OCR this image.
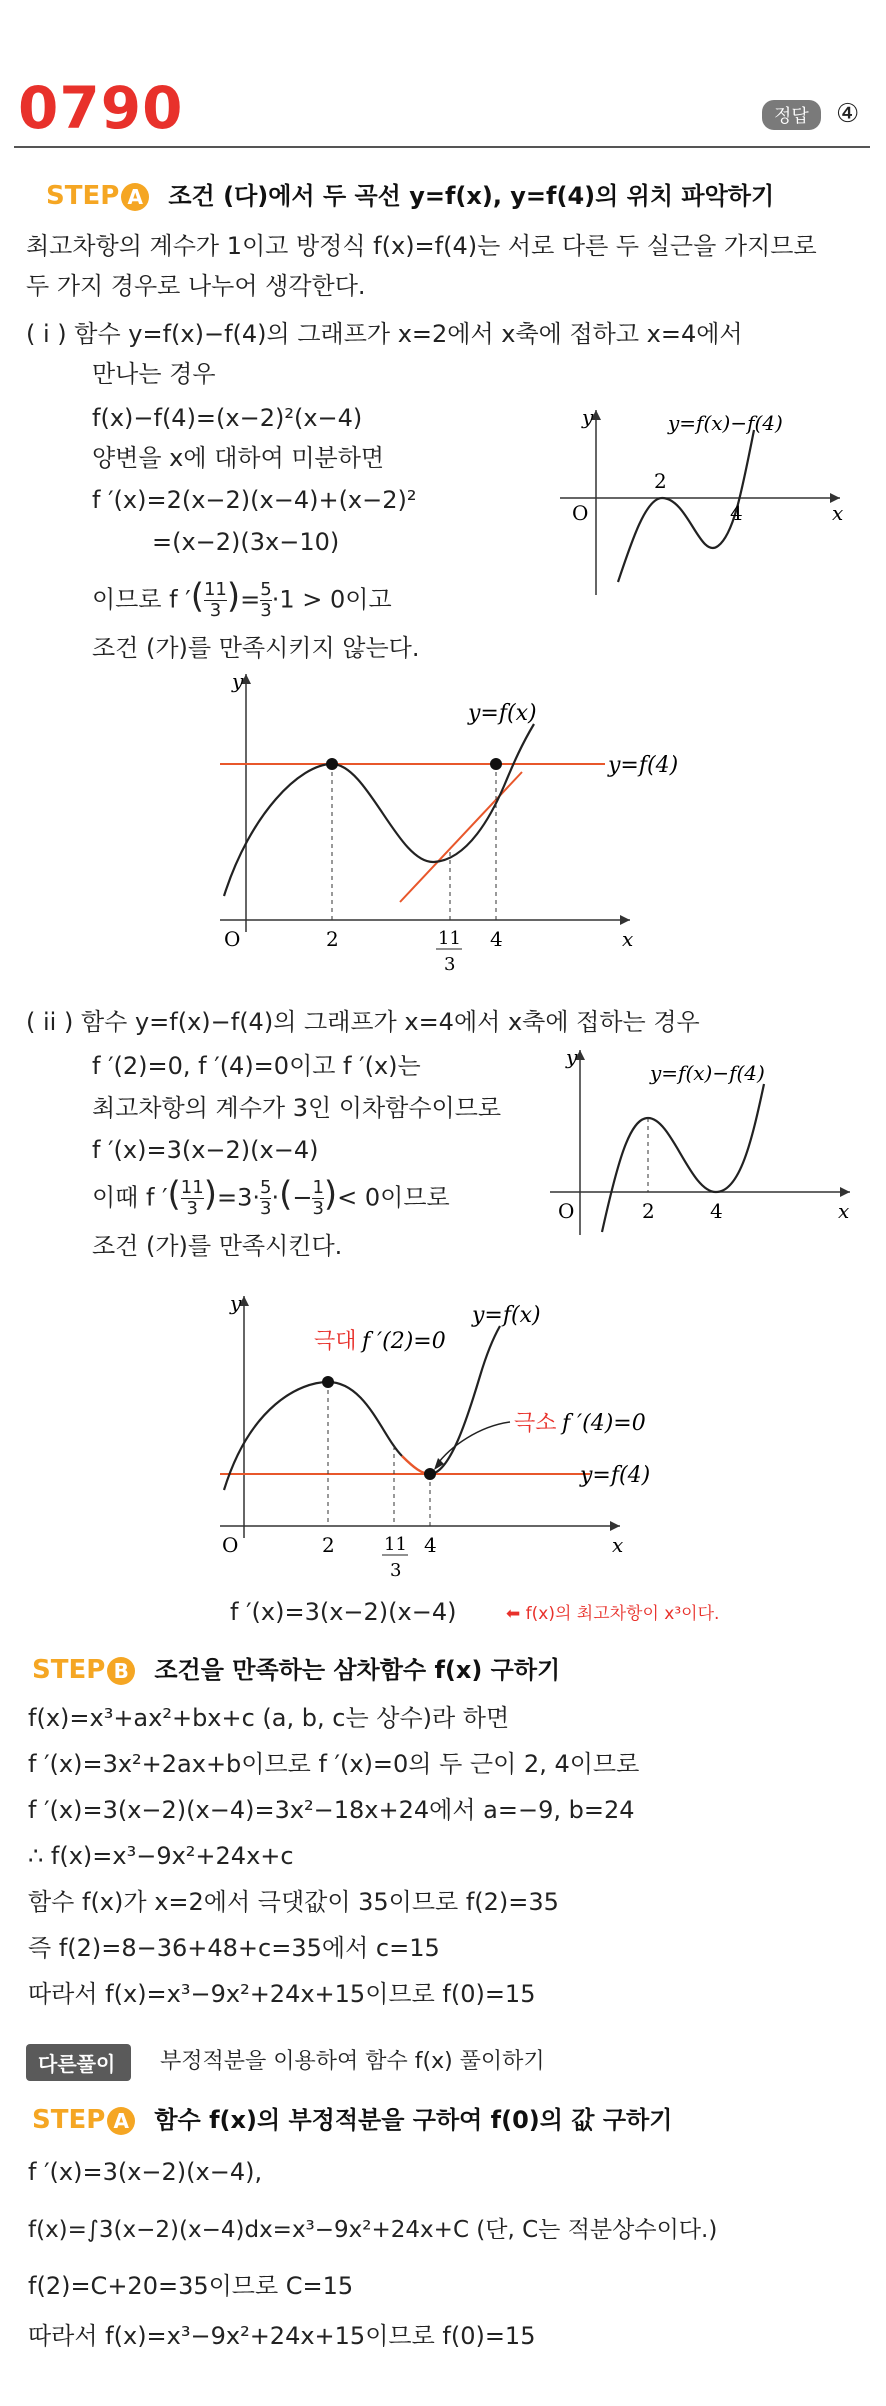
0790	정답	④
STEP A 조건 (다)에서 두 곡선 y=f(x), y=f(4)의 위치 파악하기
최고차항의 계수가 1이고 방정식 f(x)=f(4)는 서로 다른 두 실근을 가지므로
두 가지 경우로 나누어 생각한다.
( i ) 함수 y=f(x)−f(4)의 그래프가 x=2에서 x축에 접하고 x=4에서
만나는 경우
f(x)−f(4)=(x−2)²(x−4)
양변을 x에 대하여 미분하면
f ′(x)=2(x−2)(x−4)+(x−2)²
=(x−2)(3x−10)
이므로 f ′( $\frac{11}{3}$ )= $\frac{5}{3} \cdot 1 > 0$이고
조건 (가)를 만족시키지 않는다.
y
x
O
2
4
y=f(x)−f(4)
y
x
O	2	11
3
4
y=f(x)
y=f(4)
( ii ) 함수 y=f(x)−f(4)의 그래프가 x=4에서 x축에 접하는 경우
f ′(2)=0, f ′(4)=0이고 f ′(x)는
최고차항의 계수가 3인 이차함수이므로
f ′(x)=3(x−2)(x−4)
이때 f ′( $\frac{11}{3} )=3\cdot \frac{5}{3}$ ·(− $\frac{1}{3}$ )< 0이므로
조건 (가)를 만족시킨다.
y
x
O	2	4
y=f(x)−f(4)
y
x
O	2	11
3
4
y=f(x)
y=f(4)
극대 f ′(2)=0
극소 f ′(4)=0
f ′(x)=3(x−2)(x−4)	⬅ f(x)의 최고차항이 x³이다.
STEP B 조건을 만족하는 삼차함수 f(x) 구하기
f(x)=x³+ax²+bx+c (a, b, c는 상수)라 하면
f ′(x)=3x²+2ax+b이므로 f ′(x)=0의 두 근이 2, 4이므로
f ′(x)=3(x−2)(x−4)=3x²−18x+24에서 a=−9, b=24
∴ f(x)=x³−9x²+24x+c
함수 f(x)가 x=2에서 극댓값이 35이므로 f(2)=35
즉 f(2)=8−36+48+c=35에서 c=15
따라서 f(x)=x³−9x²+24x+15이므로 f(0)=15
다른풀이	부정적분을 이용하여 함수 f(x) 풀이하기
STEP A 함수 f(x)의 부정적분을 구하여 f(0)의 값 구하기
f ′(x)=3(x−2)(x−4),
f(x)=∫3(x−2)(x−4)dx=x³−9x²+24x+C (단, C는 적분상수이다.)
f(2)=C+20=35이므로 C=15
따라서 f(x)=x³−9x²+24x+15이므로 f(0)=15
